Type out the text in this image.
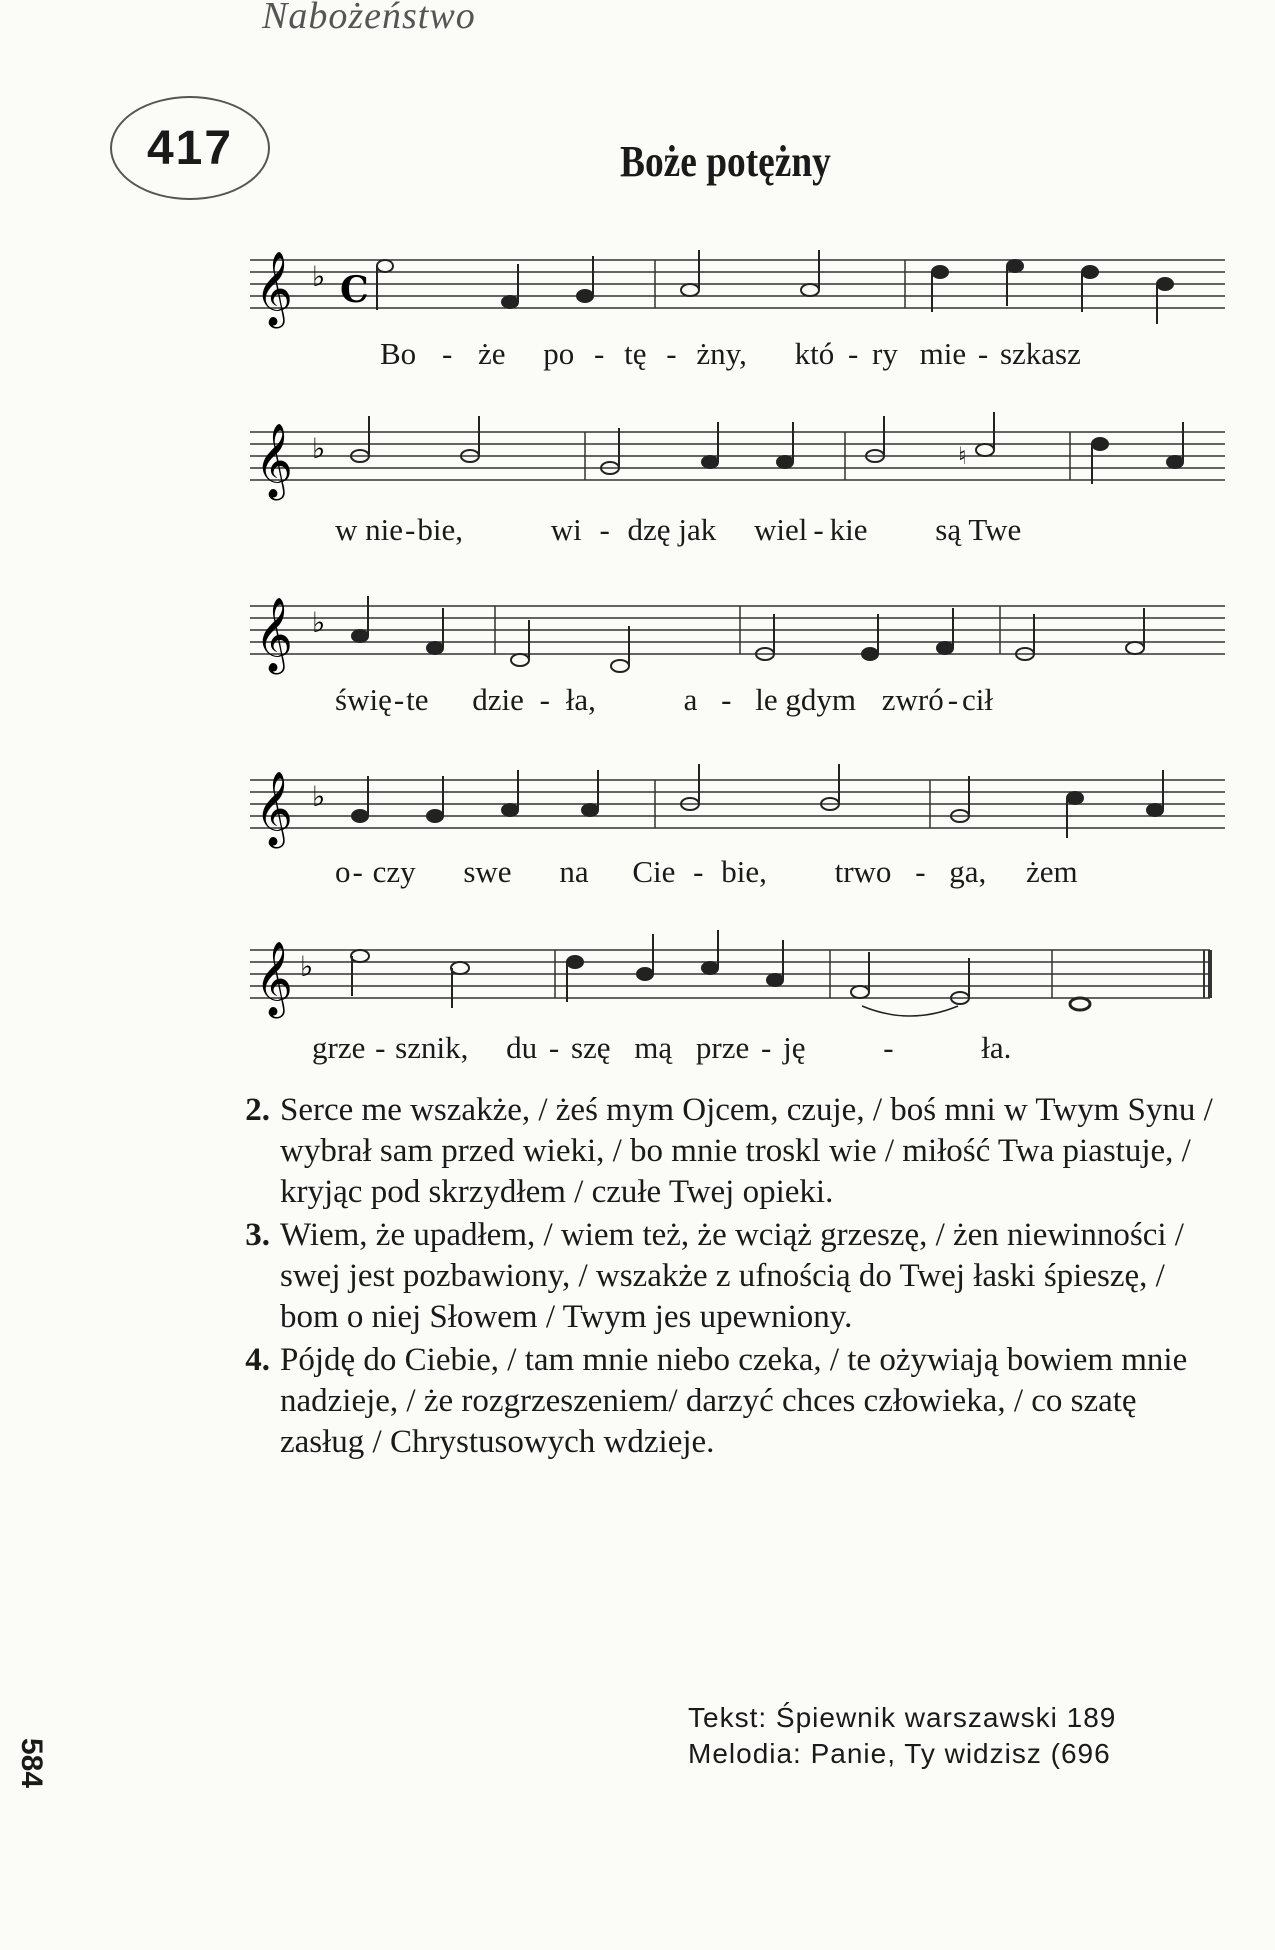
Nabożeństwo
417	Boże potężny
𝄞 ♭ C
Bo - że po - tę - żny, któ - ry mie - szkasz
𝄞 ♭	♮
w nie-bie,	wi - dzę jak wiel - kie są Twe
𝄞 ♭
świę-te dzie - ła,	a - le gdym zwró - cił
𝄞 ♭
o- czy swe na Cie - bie, trwo - ga, żem
𝄞 ♭
grze - sznik, du - szę mą prze - ję	-	ła.
2. Serce me wszakże, / żeś mym Ojcem, czuje, / boś mni w Twym Synu / wybrał sam przed wieki, / bo mnie troskl wie / miłość Twa piastuje, / kryjąc pod skrzydłem / czułe Twej opieki.
3. Wiem, że upadłem, / wiem też, że wciąż grzeszę, / żen niewinności / swej jest pozbawiony, / wszakże z ufnością do Twej łaski śpieszę, / bom o niej Słowem / Twym jes upewniony.
4. Pójdę do Ciebie, / tam mnie niebo czeka, / te ożywiają bowiem mnie nadzieje, / że rozgrzeszeniem/ darzyć chces człowieka, / co szatę zasług / Chrystusowych wdzieje.
Tekst: Śpiewnik warszawski 189
Melodia: Panie, Ty widzisz (696
584
